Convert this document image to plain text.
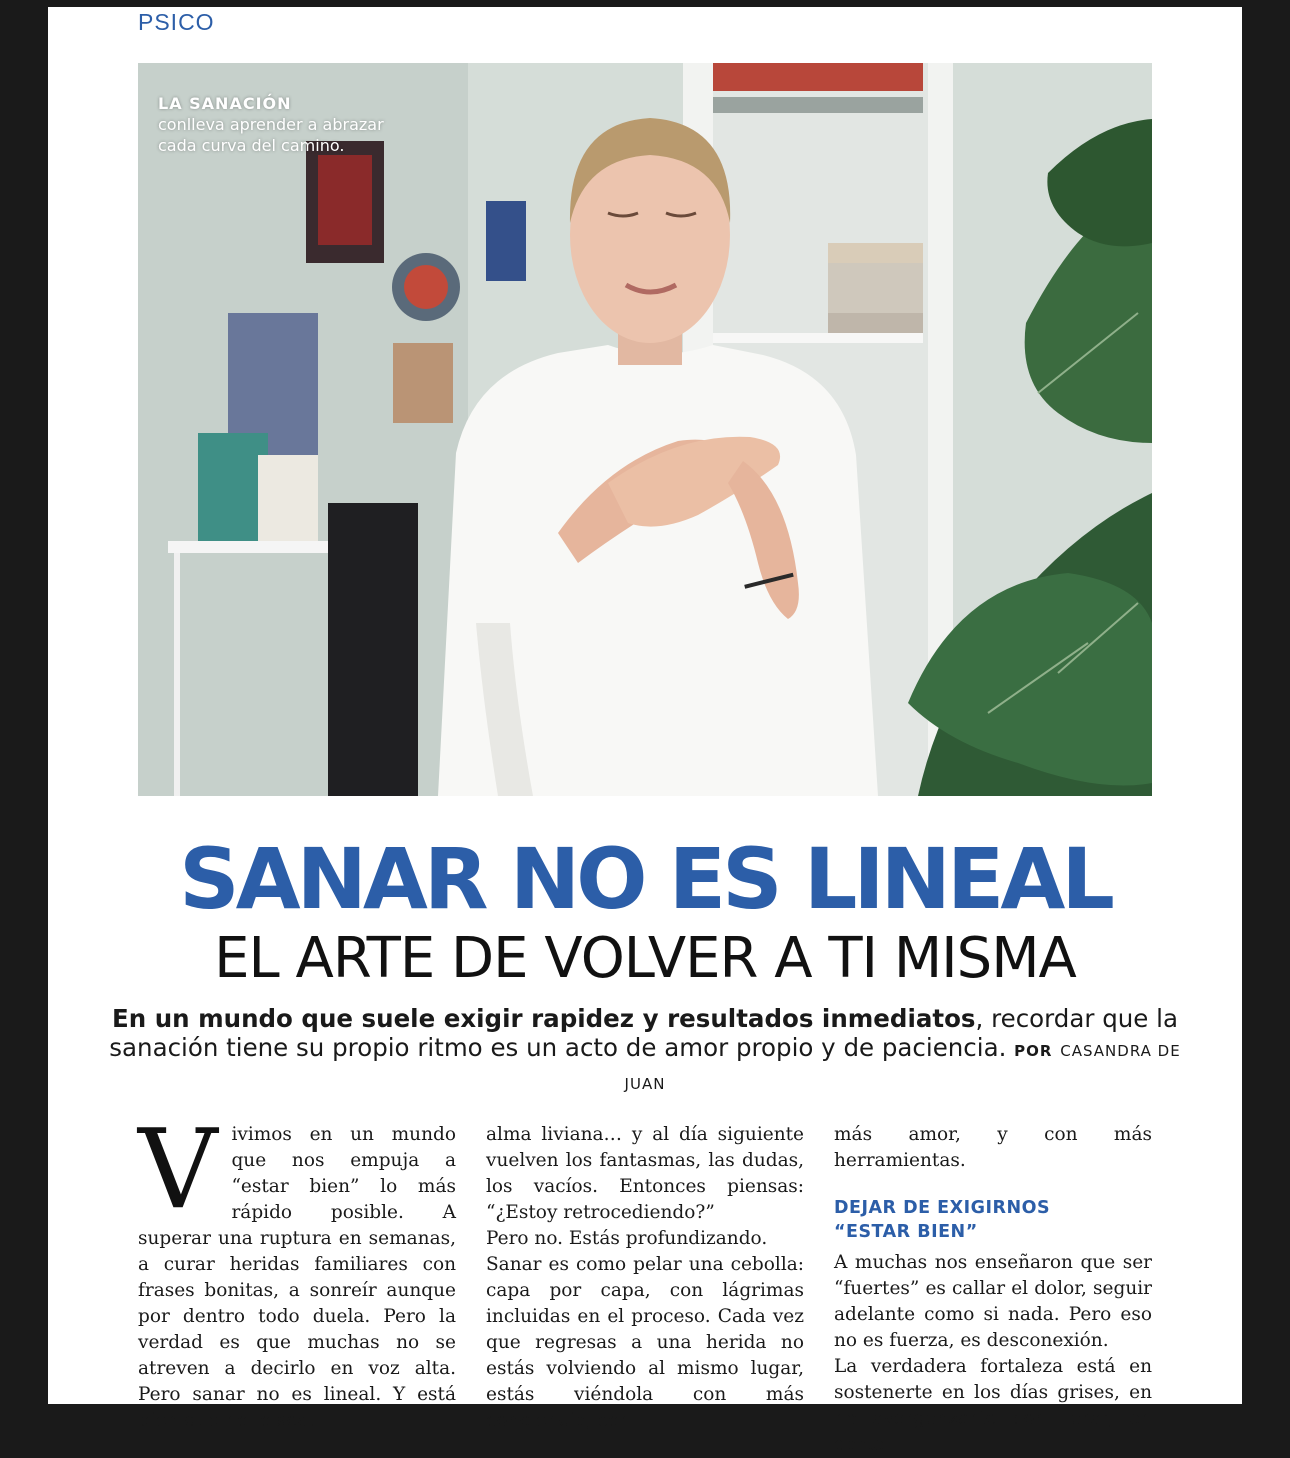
PSICO
LA SANACIÓN
conlleva aprender a abrazar cada curva del camino.
SANAR NO ES LINEAL
EL ARTE DE VOLVER A TI MISMA
En un mundo que suele exigir rapidez y resultados inmediatos, recordar que la sanación tiene su propio ritmo es un acto de amor propio y de paciencia. POR CASANDRA DE JUAN
V ivimos en un mundo que nos empuja a “estar bien” lo más rápido posible. A superar una ruptura en semanas, a curar heridas familiares con frases bonitas, a sonreír aunque por dentro todo duela. Pero la verdad es que muchas no se atreven a decirlo en voz alta. Pero sanar no es lineal. Y está bien que no lo sea.

alma liviana… y al día siguiente vuelven los fantasmas, las dudas, los vacíos. Entonces piensas: “¿Estoy retrocediendo?”

Pero no. Estás profundizando.

Sanar es como pelar una cebolla: capa por capa, con lágrimas incluidas en el proceso. Cada vez que regresas a una herida no estás volviendo al mismo lugar, estás viéndola con más conciencia, con

más amor, y con más herramientas.

DEJAR DE EXIGIRNOS
“ESTAR BIEN”

A muchas nos enseñaron que ser “fuertes” es callar el dolor, seguir adelante como si nada. Pero eso no es fuerza, es desconexión.

La verdadera fortaleza está en sostenerte en los días grises, en no avergonzarte por llorar, en darte
